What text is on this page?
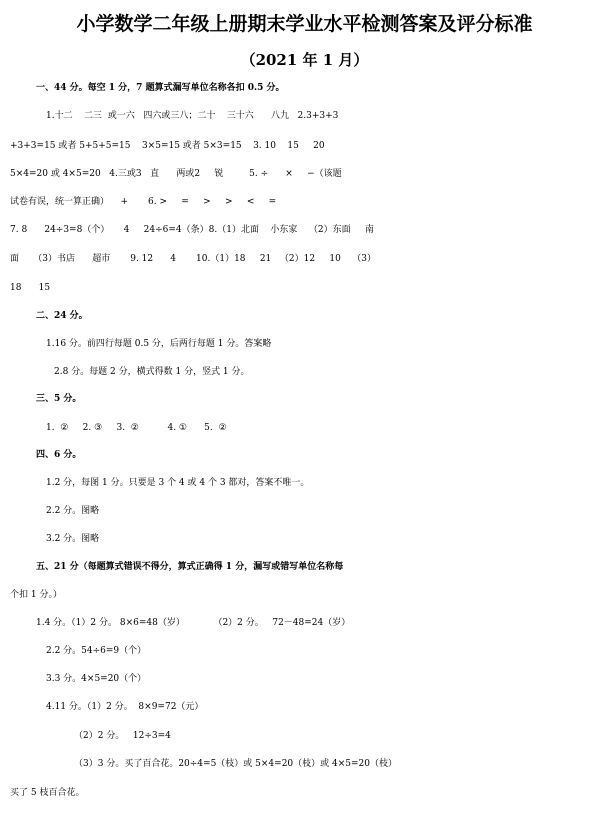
小学数学二年级上册期末学业水平检测答案及评分标准
（2021 年 1 月）
一、44 分。每空 1 分，7 题算式漏写单位名称各扣 0.5 分。
1.十二    二三  或一六   四六或三八；二十    三十六      八九   2.3+3+3
+3+3=15 或者 5+5+5=15    3×5=15 或者 5×3=15    3. 10    15     20
5×4=20 或 4×5=20   4.三或3   直      两或2     锐         5. ÷      ×     −（该题
试卷有误，统一算正确）    +       6. >     =     >     >     <     =
7. 8      24÷3=8（个）     4     24÷6=4（条）8.（1）北面    小东家    （2）东面     南
面     （3）书店      超市       9. 12      4       10.（1）18     21   （2）12     10    （3）
18      15
二、24 分。
1.16 分。前四行每题 0.5 分，后两行每题 1 分。答案略
2.8 分。每题 2 分，横式得数 1 分，竖式 1 分。
三、5 分。
1.  ②     2. ③     3.  ②          4. ①      5.  ②
四、6 分。
1.2 分，每图 1 分。只要是 3 个 4 或 4 个 3 都对，答案不唯一。
2.2 分。图略
3.2 分。图略
五、21 分（每题算式错误不得分，算式正确得 1 分，漏写或错写单位名称每
个扣 1 分。）
1.4 分。（1）2 分。 8×6=48（岁）          （2）2 分。   72－48=24（岁）
2.2 分。54÷6=9（个）
3.3 分。4×5=20（个）
4.11 分。（1）2 分。  8×9=72（元）
（2）2 分。   12÷3=4
（3）3 分。买了百合花。20÷4=5（枝）或 5×4=20（枝）或 4×5=20（枝）
买了 5 枝百合花。
